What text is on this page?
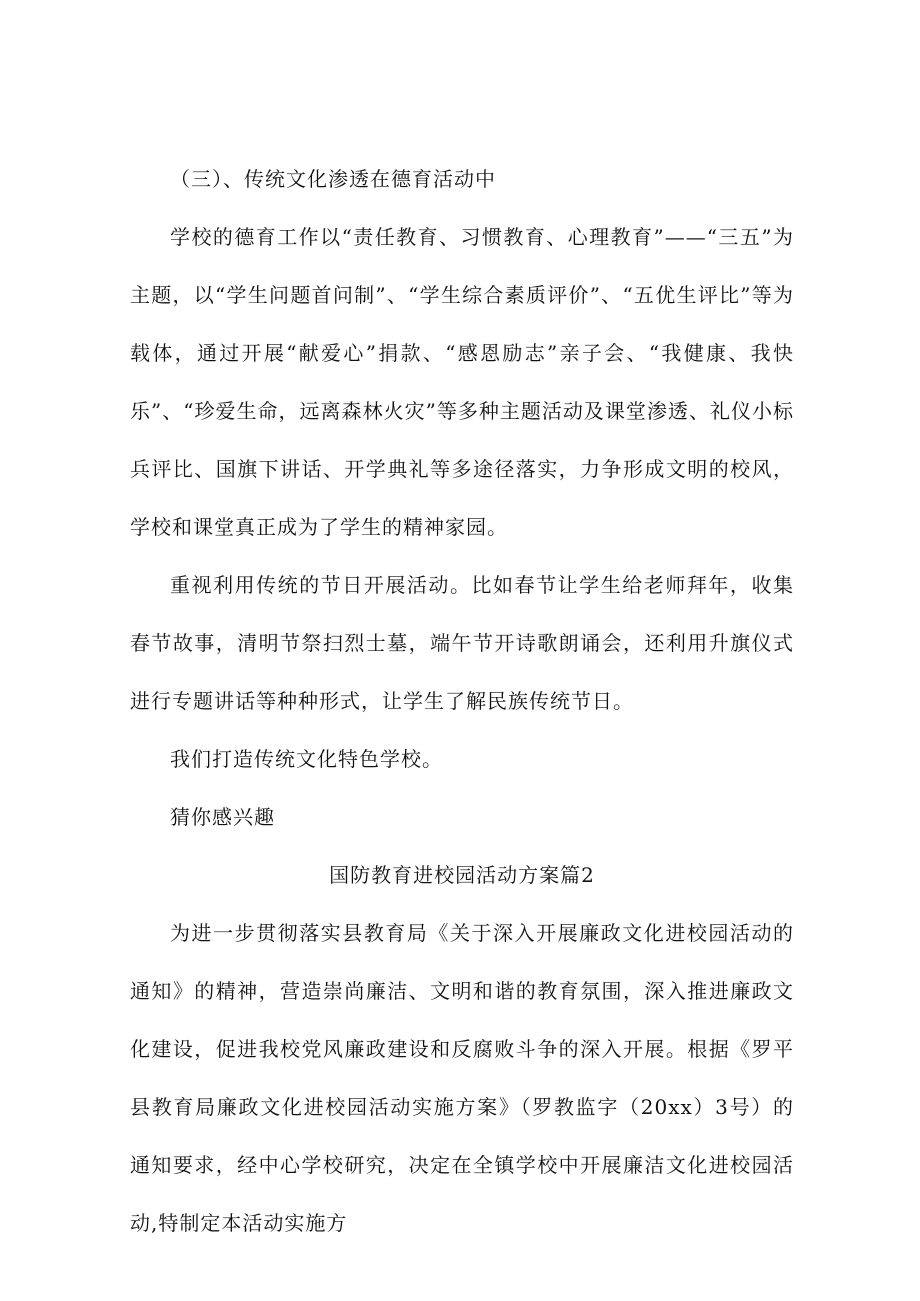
（三）、传统文化渗透在德育活动中

学校的德育工作以“责任教育、习惯教育、心理教育”——“三五”为主题，以“学生问题首问制”、“学生综合素质评价”、“五优生评比”等为载体，通过开展“献爱心”捐款、“感恩励志”亲子会、“我健康、我快乐”、“珍爱生命，远离森林火灾”等多种主题活动及课堂渗透、礼仪小标兵评比、国旗下讲话、开学典礼等多途径落实，力争形成文明的校风，学校和课堂真正成为了学生的精神家园。

重视利用传统的节日开展活动。比如春节让学生给老师拜年，收集春节故事，清明节祭扫烈士墓，端午节开诗歌朗诵会，还利用升旗仪式进行专题讲话等种种形式，让学生了解民族传统节日。

我们打造传统文化特色学校。

猜你感兴趣

国防教育进校园活动方案篇2

为进一步贯彻落实县教育局《关于深入开展廉政文化进校园活动的通知》的精神，营造崇尚廉洁、文明和谐的教育氛围，深入推进廉政文化建设，促进我校党风廉政建设和反腐败斗争的深入开展。根据《罗平县教育局廉政文化进校园活动实施方案》（罗教监字（20xx）3号）的通知要求，经中心学校研究，决定在全镇学校中开展廉洁文化进校园活动,特制定本活动实施方
